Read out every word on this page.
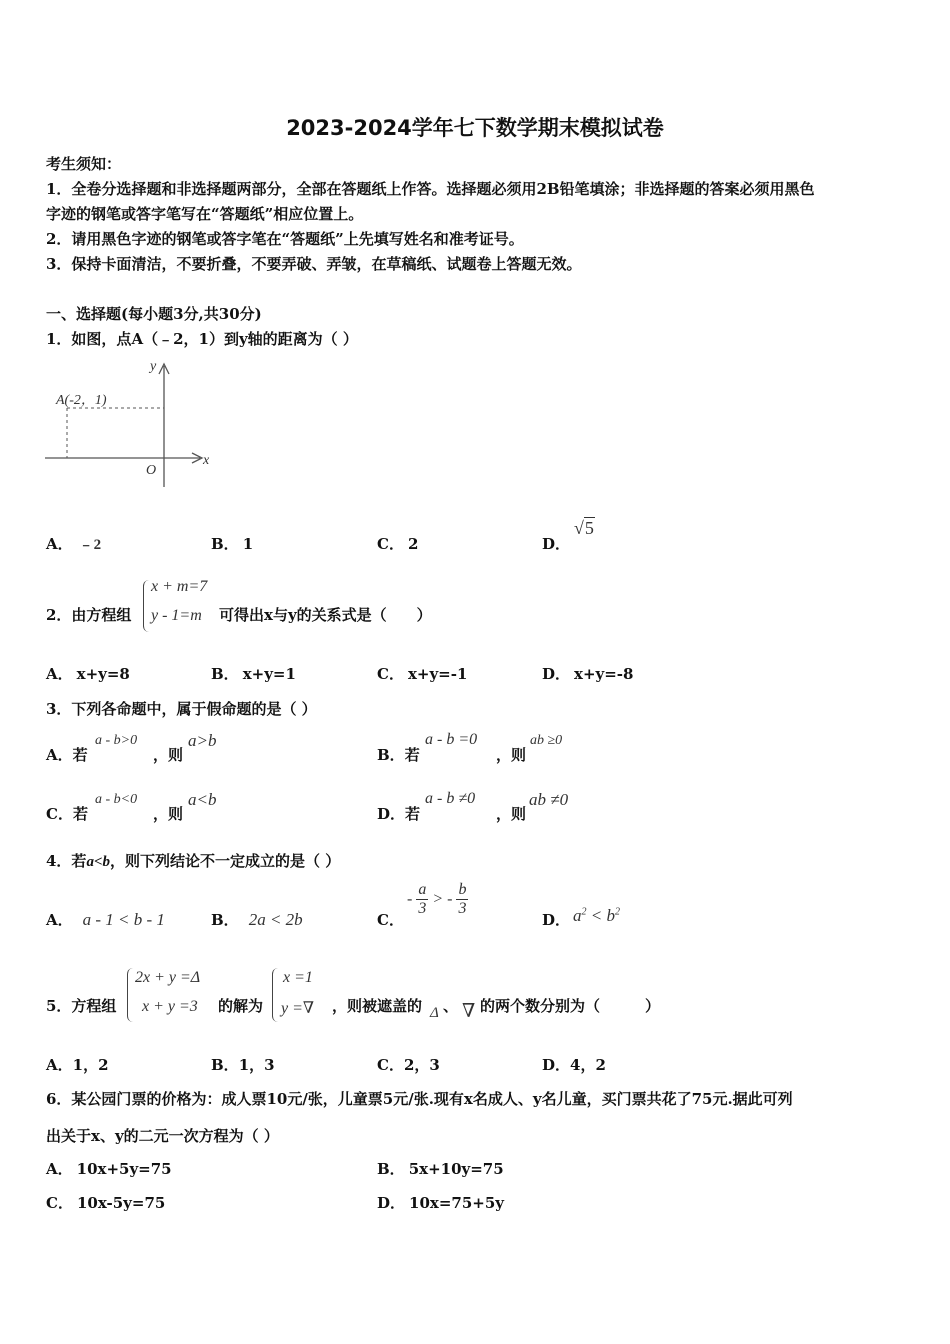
2023-2024学年七下数学期末模拟试卷
考生须知：
1．全卷分选择题和非选择题两部分，全部在答题纸上作答。选择题必须用2B铅笔填涂；非选择题的答案必须用黑色
字迹的钢笔或答字笔写在“答题纸”相应位置上。
2．请用黑色字迹的钢笔或答字笔在“答题纸”上先填写姓名和准考证号。
3．保持卡面清洁，不要折叠，不要弄破、弄皱，在草稿纸、试题卷上答题无效。
一、选择题(每小题3分,共30分)
1．如图，点A（﹣2，1）到y轴的距离为（ ）
y
x
O
A(-2，1)
A． ﹣2	B． 1	C． 2	D．
√5
2．由方程组
x + m=7
y - 1=m 可得出x与y的关系式是（　　）
A． x+y=8	B． x+y=1	C． x+y=-1	D． x+y=-8
3．下列各命题中，属于假命题的是（ ）
A．若
a - b>0
，则
a>b
B．若
a - b =0
，则
ab ≥0
C．若
a - b<0
，则
a<b
D．若
a - b ≠0
，则
ab ≠0
4．若a<b，则下列结论不一定成立的是（ ）
A． a - 1 < b - 1	B． 2a < 2b	C．
- $\frac{a}{3}$ > - $\frac{b}{3}$
D． $a^2 < b^2$
5．方程组
2x + y =Δ
x + y =3 的解为
x =1
y =∇ ，则被遮盖的 Δ 、 ∇ 的两个数分别为（　　　）
A．1，2	B．1，3	C．2，3	D．4，2
6．某公园门票的价格为：成人票10元/张，儿童票5元/张.现有x名成人、y名儿童，买门票共花了75元.据此可列
出关于x、y的二元一次方程为（ ）
A． 10x+5y=75	B． 5x+10y=75
C． 10x-5y=75	D． 10x=75+5y
